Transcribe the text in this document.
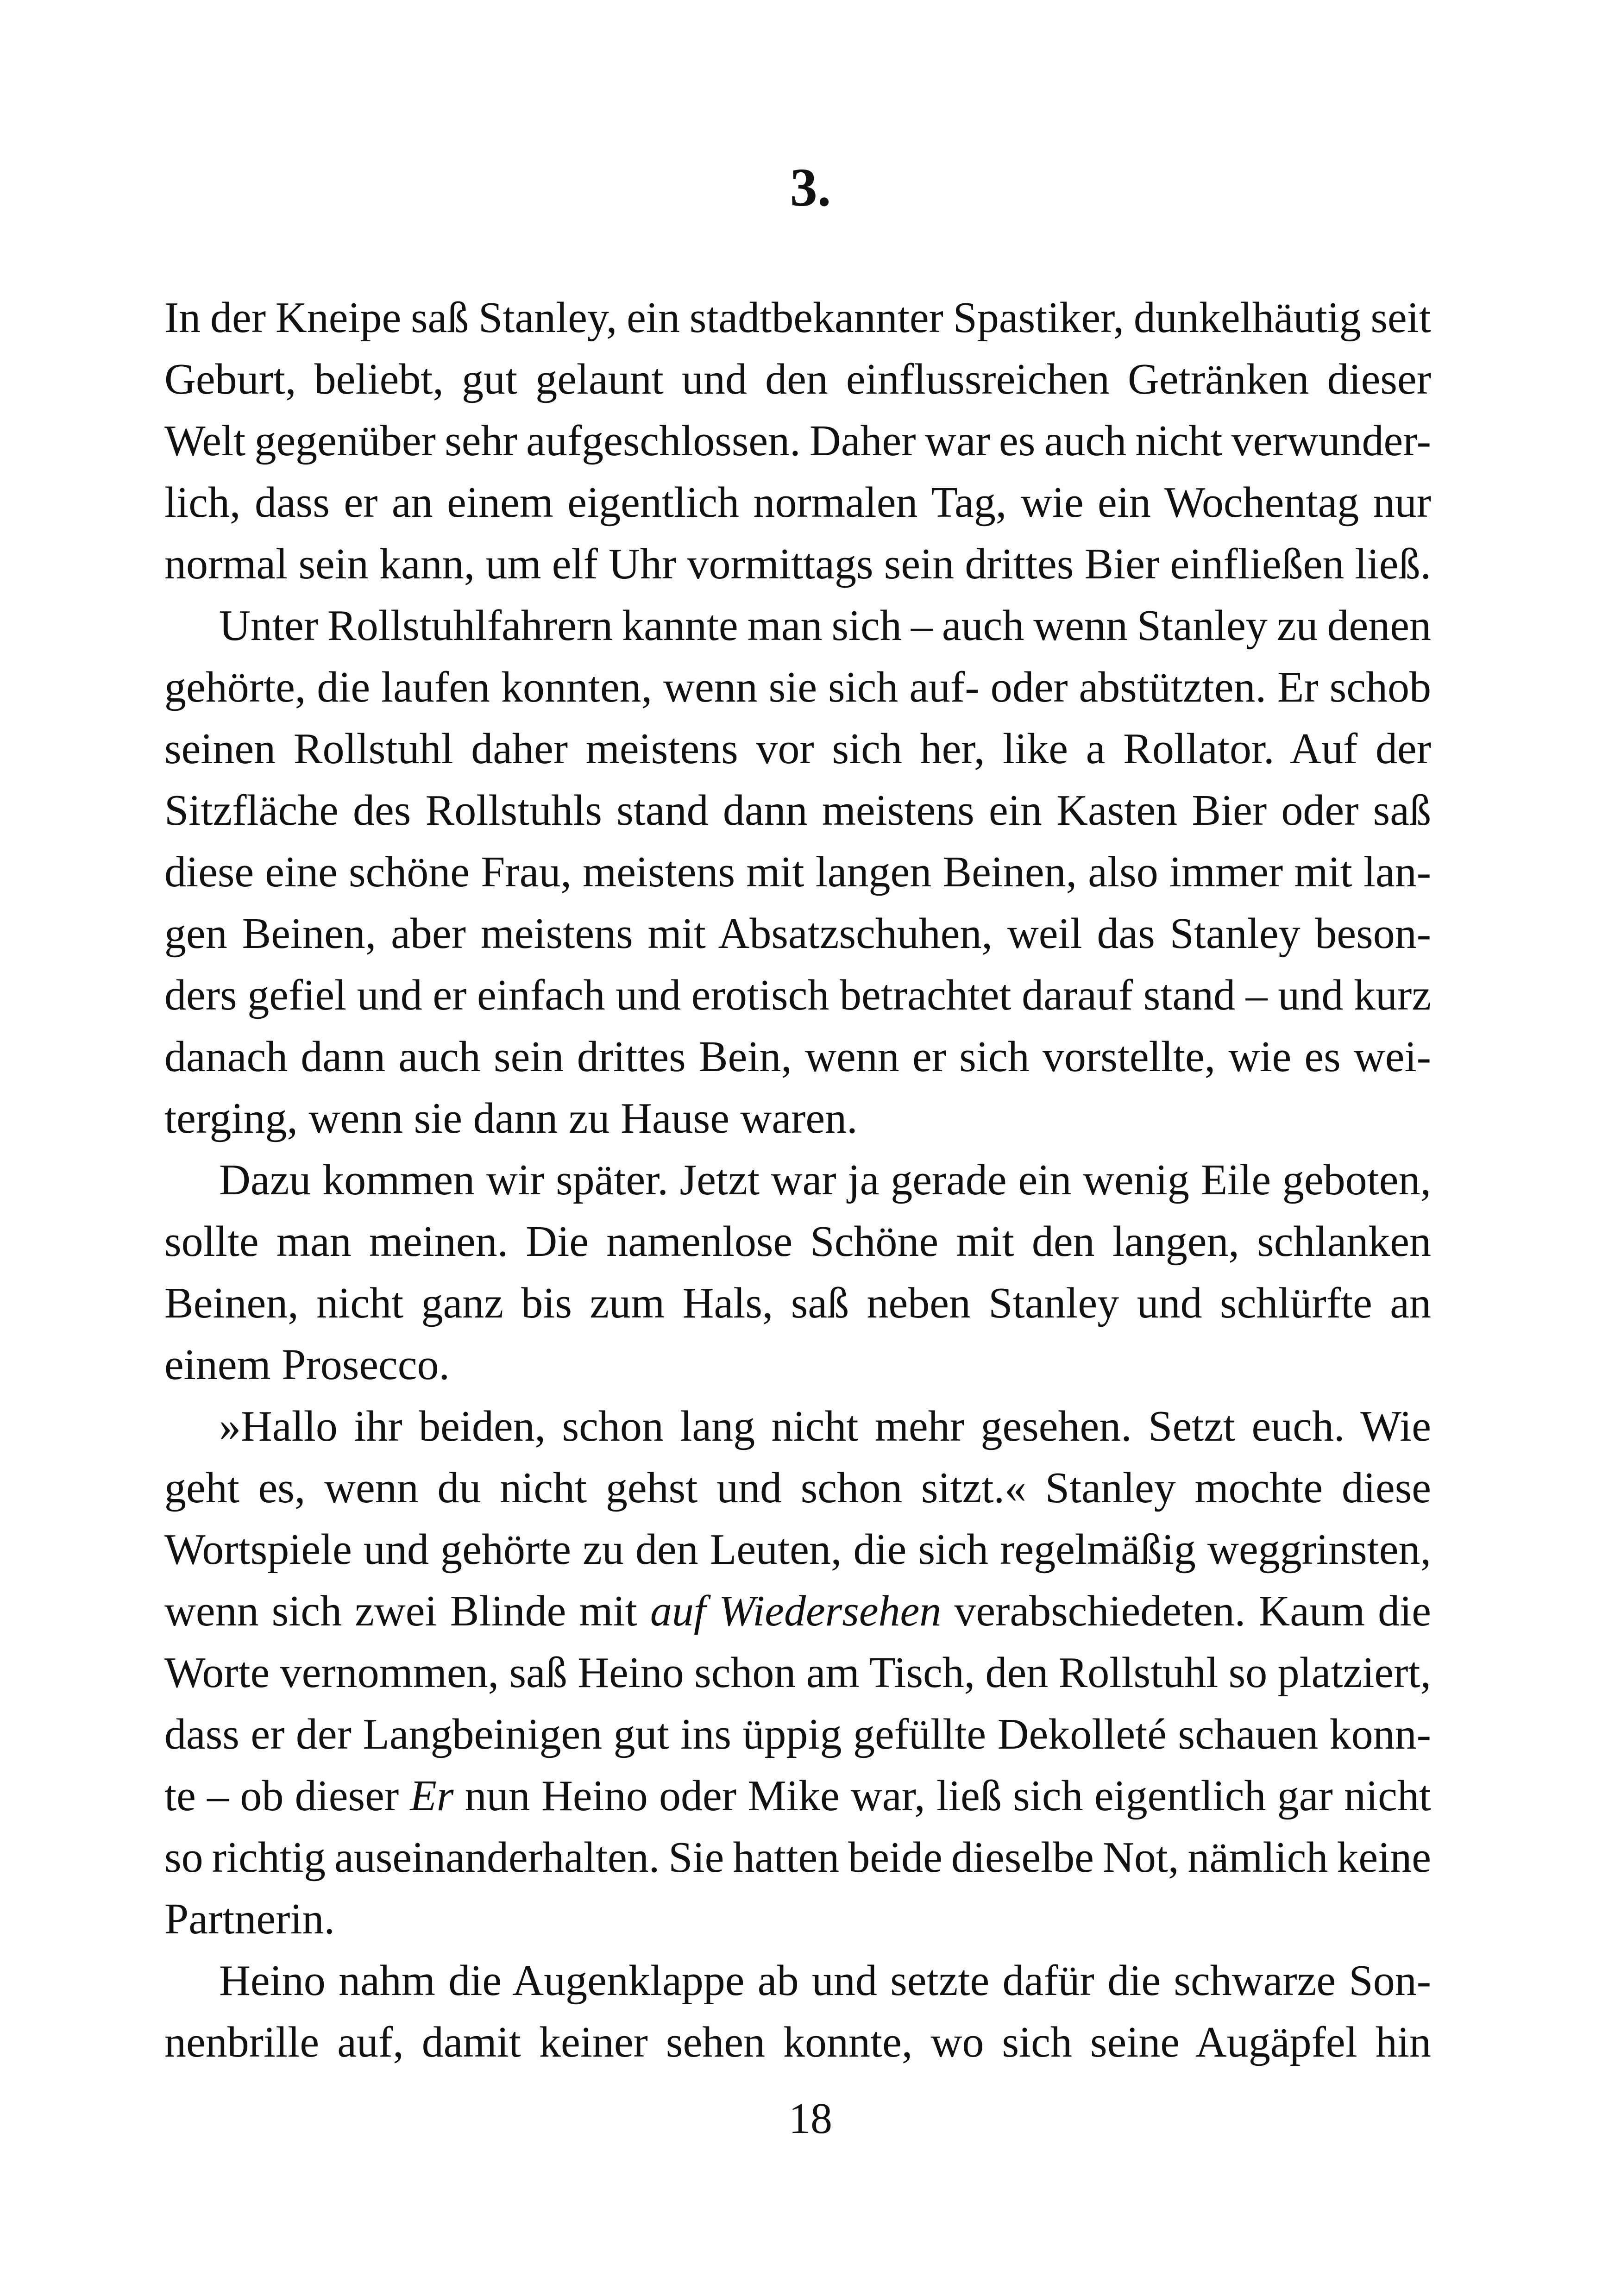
3.
In der Kneipe saß Stanley, ein stadtbekannter Spastiker, dunkelhäutig seit
Geburt, beliebt, gut gelaunt und den einflussreichen Getränken dieser
Welt gegenüber sehr aufgeschlossen. Daher war es auch nicht verwunder-
lich, dass er an einem eigentlich normalen Tag, wie ein Wochentag nur
normal sein kann, um elf Uhr vormittags sein drittes Bier einfließen ließ.
Unter Rollstuhlfahrern kannte man sich – auch wenn Stanley zu denen
gehörte, die laufen konnten, wenn sie sich auf- oder abstützten. Er schob
seinen Rollstuhl daher meistens vor sich her, like a Rollator. Auf der
Sitzfläche des Rollstuhls stand dann meistens ein Kasten Bier oder saß
diese eine schöne Frau, meistens mit langen Beinen, also immer mit lan-
gen Beinen, aber meistens mit Absatzschuhen, weil das Stanley beson-
ders gefiel und er einfach und erotisch betrachtet darauf stand – und kurz
danach dann auch sein drittes Bein, wenn er sich vorstellte, wie es wei-
terging, wenn sie dann zu Hause waren.
Dazu kommen wir später. Jetzt war ja gerade ein wenig Eile geboten,
sollte man meinen. Die namenlose Schöne mit den langen, schlanken
Beinen, nicht ganz bis zum Hals, saß neben Stanley und schlürfte an
einem Prosecco.
»Hallo ihr beiden, schon lang nicht mehr gesehen. Setzt euch. Wie
geht es, wenn du nicht gehst und schon sitzt.« Stanley mochte diese
Wortspiele und gehörte zu den Leuten, die sich regelmäßig weggrinsten,
wenn sich zwei Blinde mit auf Wiedersehen verabschiedeten. Kaum die
Worte vernommen, saß Heino schon am Tisch, den Rollstuhl so platziert,
dass er der Langbeinigen gut ins üppig gefüllte Dekolleté schauen konn-
te – ob dieser Er nun Heino oder Mike war, ließ sich eigentlich gar nicht
so richtig auseinanderhalten. Sie hatten beide dieselbe Not, nämlich keine
Partnerin.
Heino nahm die Augenklappe ab und setzte dafür die schwarze Son-
nenbrille auf, damit keiner sehen konnte, wo sich seine Augäpfel hin
18
